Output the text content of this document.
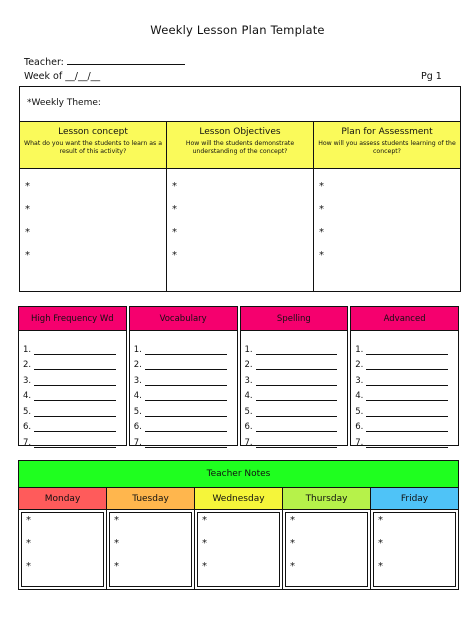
Weekly Lesson Plan Template
Teacher:
Week of __/__/__	Pg 1
*Weekly Theme:
Lesson concept
What do you want the students to learn as a result of this activity?
*
*
*
*
Lesson Objectives
How will the students demonstrate understanding of the concept?
*
*
*
*
Plan for Assessment
How will you assess students learning of the concept?
*
*
*
*
High Frequency Wd
1.
2.
3.
4.
5.
6.
7.
Vocabulary
1.
2.
3.
4.
5.
6.
7.
Spelling
1.
2.
3.
4.
5.
6.
7.
Advanced
1.
2.
3.
4.
5.
6.
7.
Teacher Notes
Monday
*
*
*
Tuesday
*
*
*
Wednesday
*
*
*
Thursday
*
*
*
Friday
*
*
*
